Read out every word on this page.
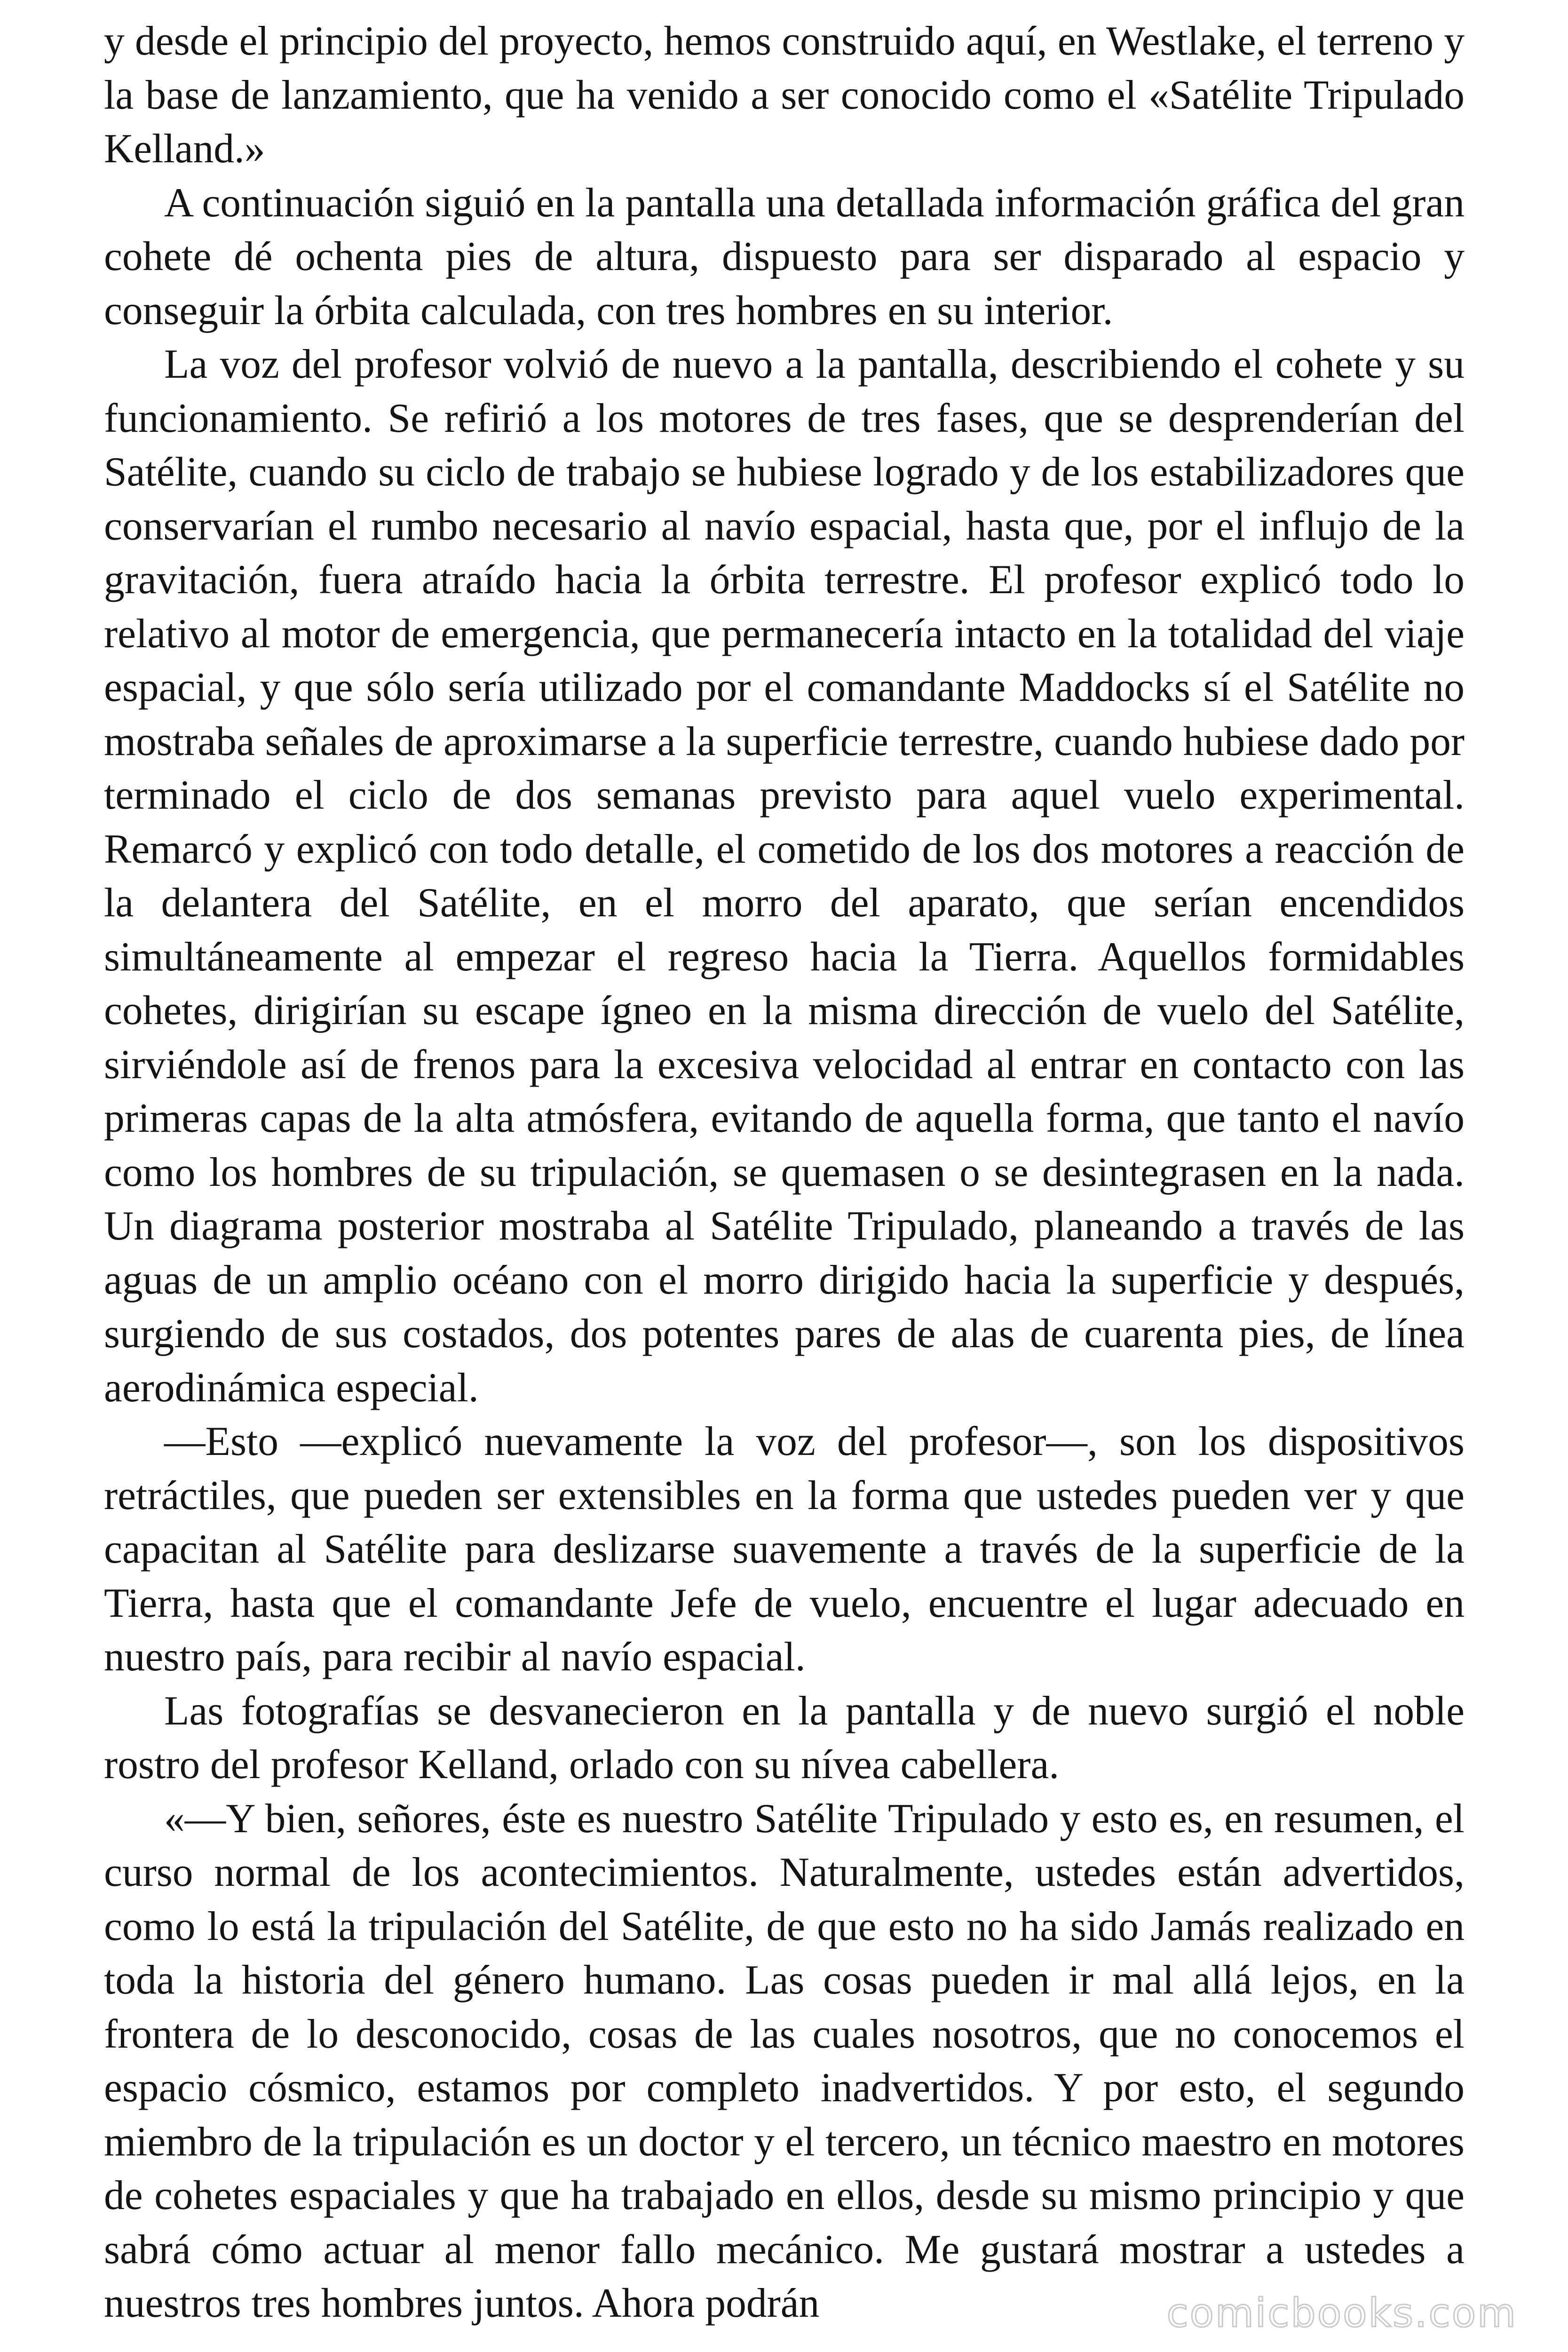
y desde el principio del proyecto, hemos construido aquí, en Westlake, el terreno y la base de lanzamiento, que ha venido a ser conocido como el «Satélite Tripulado Kelland.»

A continuación siguió en la pantalla una detallada información gráfica del gran cohete dé ochenta pies de altura, dispuesto para ser disparado al espacio y conseguir la órbita calculada, con tres hombres en su interior.

La voz del profesor volvió de nuevo a la pantalla, describiendo el cohete y su funcionamiento. Se refirió a los motores de tres fases, que se desprenderían del Satélite, cuando su ciclo de trabajo se hubiese logrado y de los estabilizadores que conservarían el rumbo necesario al navío espacial, hasta que, por el influjo de la gravitación, fuera atraído hacia la órbita terrestre. El profesor explicó todo lo relativo al motor de emergencia, que permanecería intacto en la totalidad del viaje espacial, y que sólo sería utilizado por el comandante Maddocks sí el Satélite no mostraba señales de aproximarse a la superficie terrestre, cuando hubiese dado por terminado el ciclo de dos semanas previsto para aquel vuelo experimental. Remarcó y explicó con todo detalle, el cometido de los dos motores a reacción de la delantera del Satélite, en el morro del aparato, que serían encendidos simultáneamente al empezar el regreso hacia la Tierra. Aquellos formidables cohetes, dirigirían su escape ígneo en la misma dirección de vuelo del Satélite, sirviéndole así de frenos para la excesiva velocidad al entrar en contacto con las primeras capas de la alta atmósfera, evitando de aquella forma, que tanto el navío como los hombres de su tripulación, se quemasen o se desintegrasen en la nada. Un diagrama posterior mostraba al Satélite Tripulado, planeando a través de las aguas de un amplio océano con el morro dirigido hacia la superficie y después, surgiendo de sus costados, dos potentes pares de alas de cuarenta pies, de línea aerodinámica especial.

—Esto —explicó nuevamente la voz del profesor—, son los dispositivos retráctiles, que pueden ser extensibles en la forma que ustedes pueden ver y que capacitan al Satélite para deslizarse suavemente a través de la superficie de la Tierra, hasta que el comandante Jefe de vuelo, encuentre el lugar adecuado en nuestro país, para recibir al navío espacial.

Las fotografías se desvanecieron en la pantalla y de nuevo surgió el noble rostro del profesor Kelland, orlado con su nívea cabellera.

«—Y bien, señores, éste es nuestro Satélite Tripulado y esto es, en resumen, el curso normal de los acontecimientos. Naturalmente, ustedes están advertidos, como lo está la tripulación del Satélite, de que esto no ha sido Jamás realizado en toda la historia del género humano. Las cosas pueden ir mal allá lejos, en la frontera de lo desconocido, cosas de las cuales nosotros, que no conocemos el espacio cósmico, estamos por completo inadvertidos. Y por esto, el segundo miembro de la tripulación es un doctor y el tercero, un técnico maestro en motores de cohetes espaciales y que ha trabajado en ellos, desde su mismo principio y que sabrá cómo actuar al menor fallo mecánico. Me gustará mostrar a ustedes a nuestros tres hombres juntos. Ahora podrán	comicbooks.com
